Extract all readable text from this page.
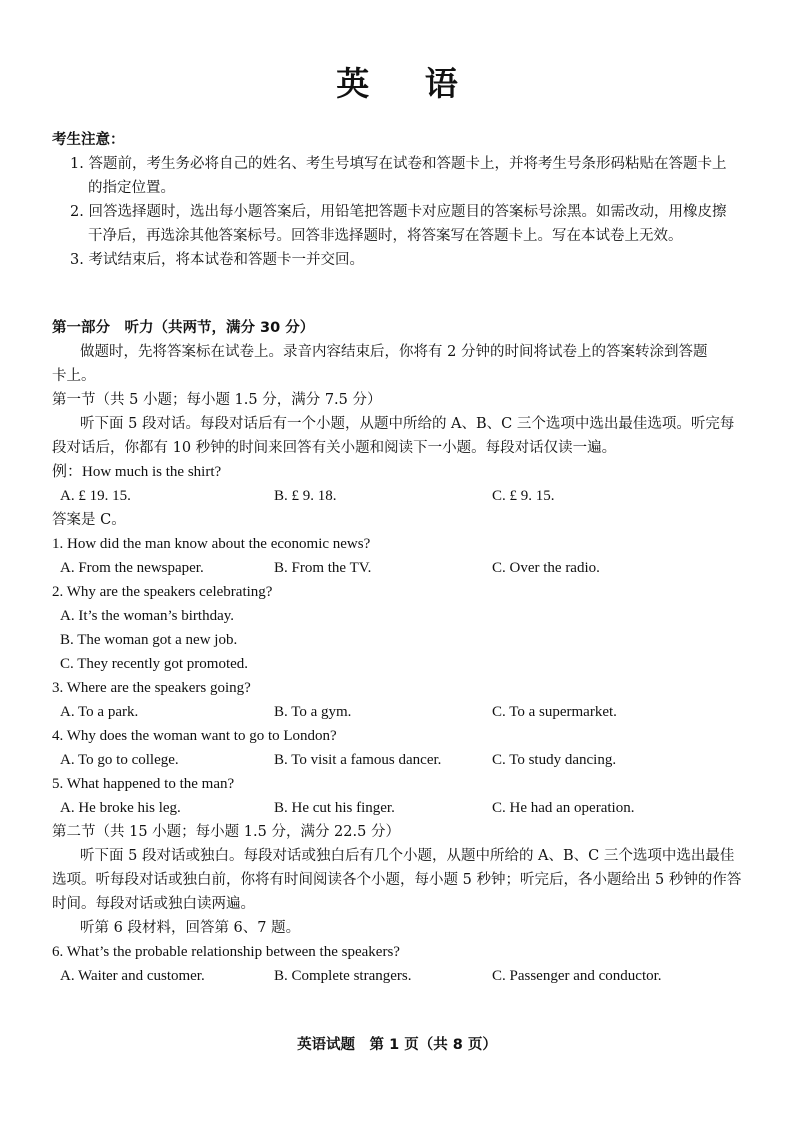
英 语
考生注意：
1. 答题前，考生务必将自己的姓名、考生号填写在试卷和答题卡上，并将考生号条形码粘贴在答题卡上
的指定位置。
2. 回答选择题时，选出每小题答案后，用铅笔把答题卡对应题目的答案标号涂黑。如需改动，用橡皮擦
干净后，再选涂其他答案标号。回答非选择题时，将答案写在答题卡上。写在本试卷上无效。
3. 考试结束后，将本试卷和答题卡一并交回。
第一部分　听力（共两节，满分 30 分）
做题时，先将答案标在试卷上。录音内容结束后，你将有 2 分钟的时间将试卷上的答案转涂到答题
卡上。
第一节（共 5 小题；每小题 1.5 分，满分 7.5 分）
听下面 5 段对话。每段对话后有一个小题，从题中所给的 A、B、C 三个选项中选出最佳选项。听完每
段对话后，你都有 10 秒钟的时间来回答有关小题和阅读下一小题。每段对话仅读一遍。
例：How much is the shirt?
A. £ 19. 15.	B. £ 9. 18.	C. £ 9. 15.
答案是 C。
1. How did the man know about the economic news?
A. From the newspaper.	B. From the TV.	C. Over the radio.
2. Why are the speakers celebrating?
A. It’s the woman’s birthday.
B. The woman got a new job.
C. They recently got promoted.
3. Where are the speakers going?
A. To a park.	B. To a gym.	C. To a supermarket.
4. Why does the woman want to go to London?
A. To go to college.	B. To visit a famous dancer.	C. To study dancing.
5. What happened to the man?
A. He broke his leg.	B. He cut his finger.	C. He had an operation.
第二节（共 15 小题；每小题 1.5 分，满分 22.5 分）
听下面 5 段对话或独白。每段对话或独白后有几个小题，从题中所给的 A、B、C 三个选项中选出最佳
选项。听每段对话或独白前，你将有时间阅读各个小题，每小题 5 秒钟；听完后，各小题给出 5 秒钟的作答
时间。每段对话或独白读两遍。
听第 6 段材料，回答第 6、7 题。
6. What’s the probable relationship between the speakers?
A. Waiter and customer.	B. Complete strangers.	C. Passenger and conductor.
英语试题　第 1 页（共 8 页）
